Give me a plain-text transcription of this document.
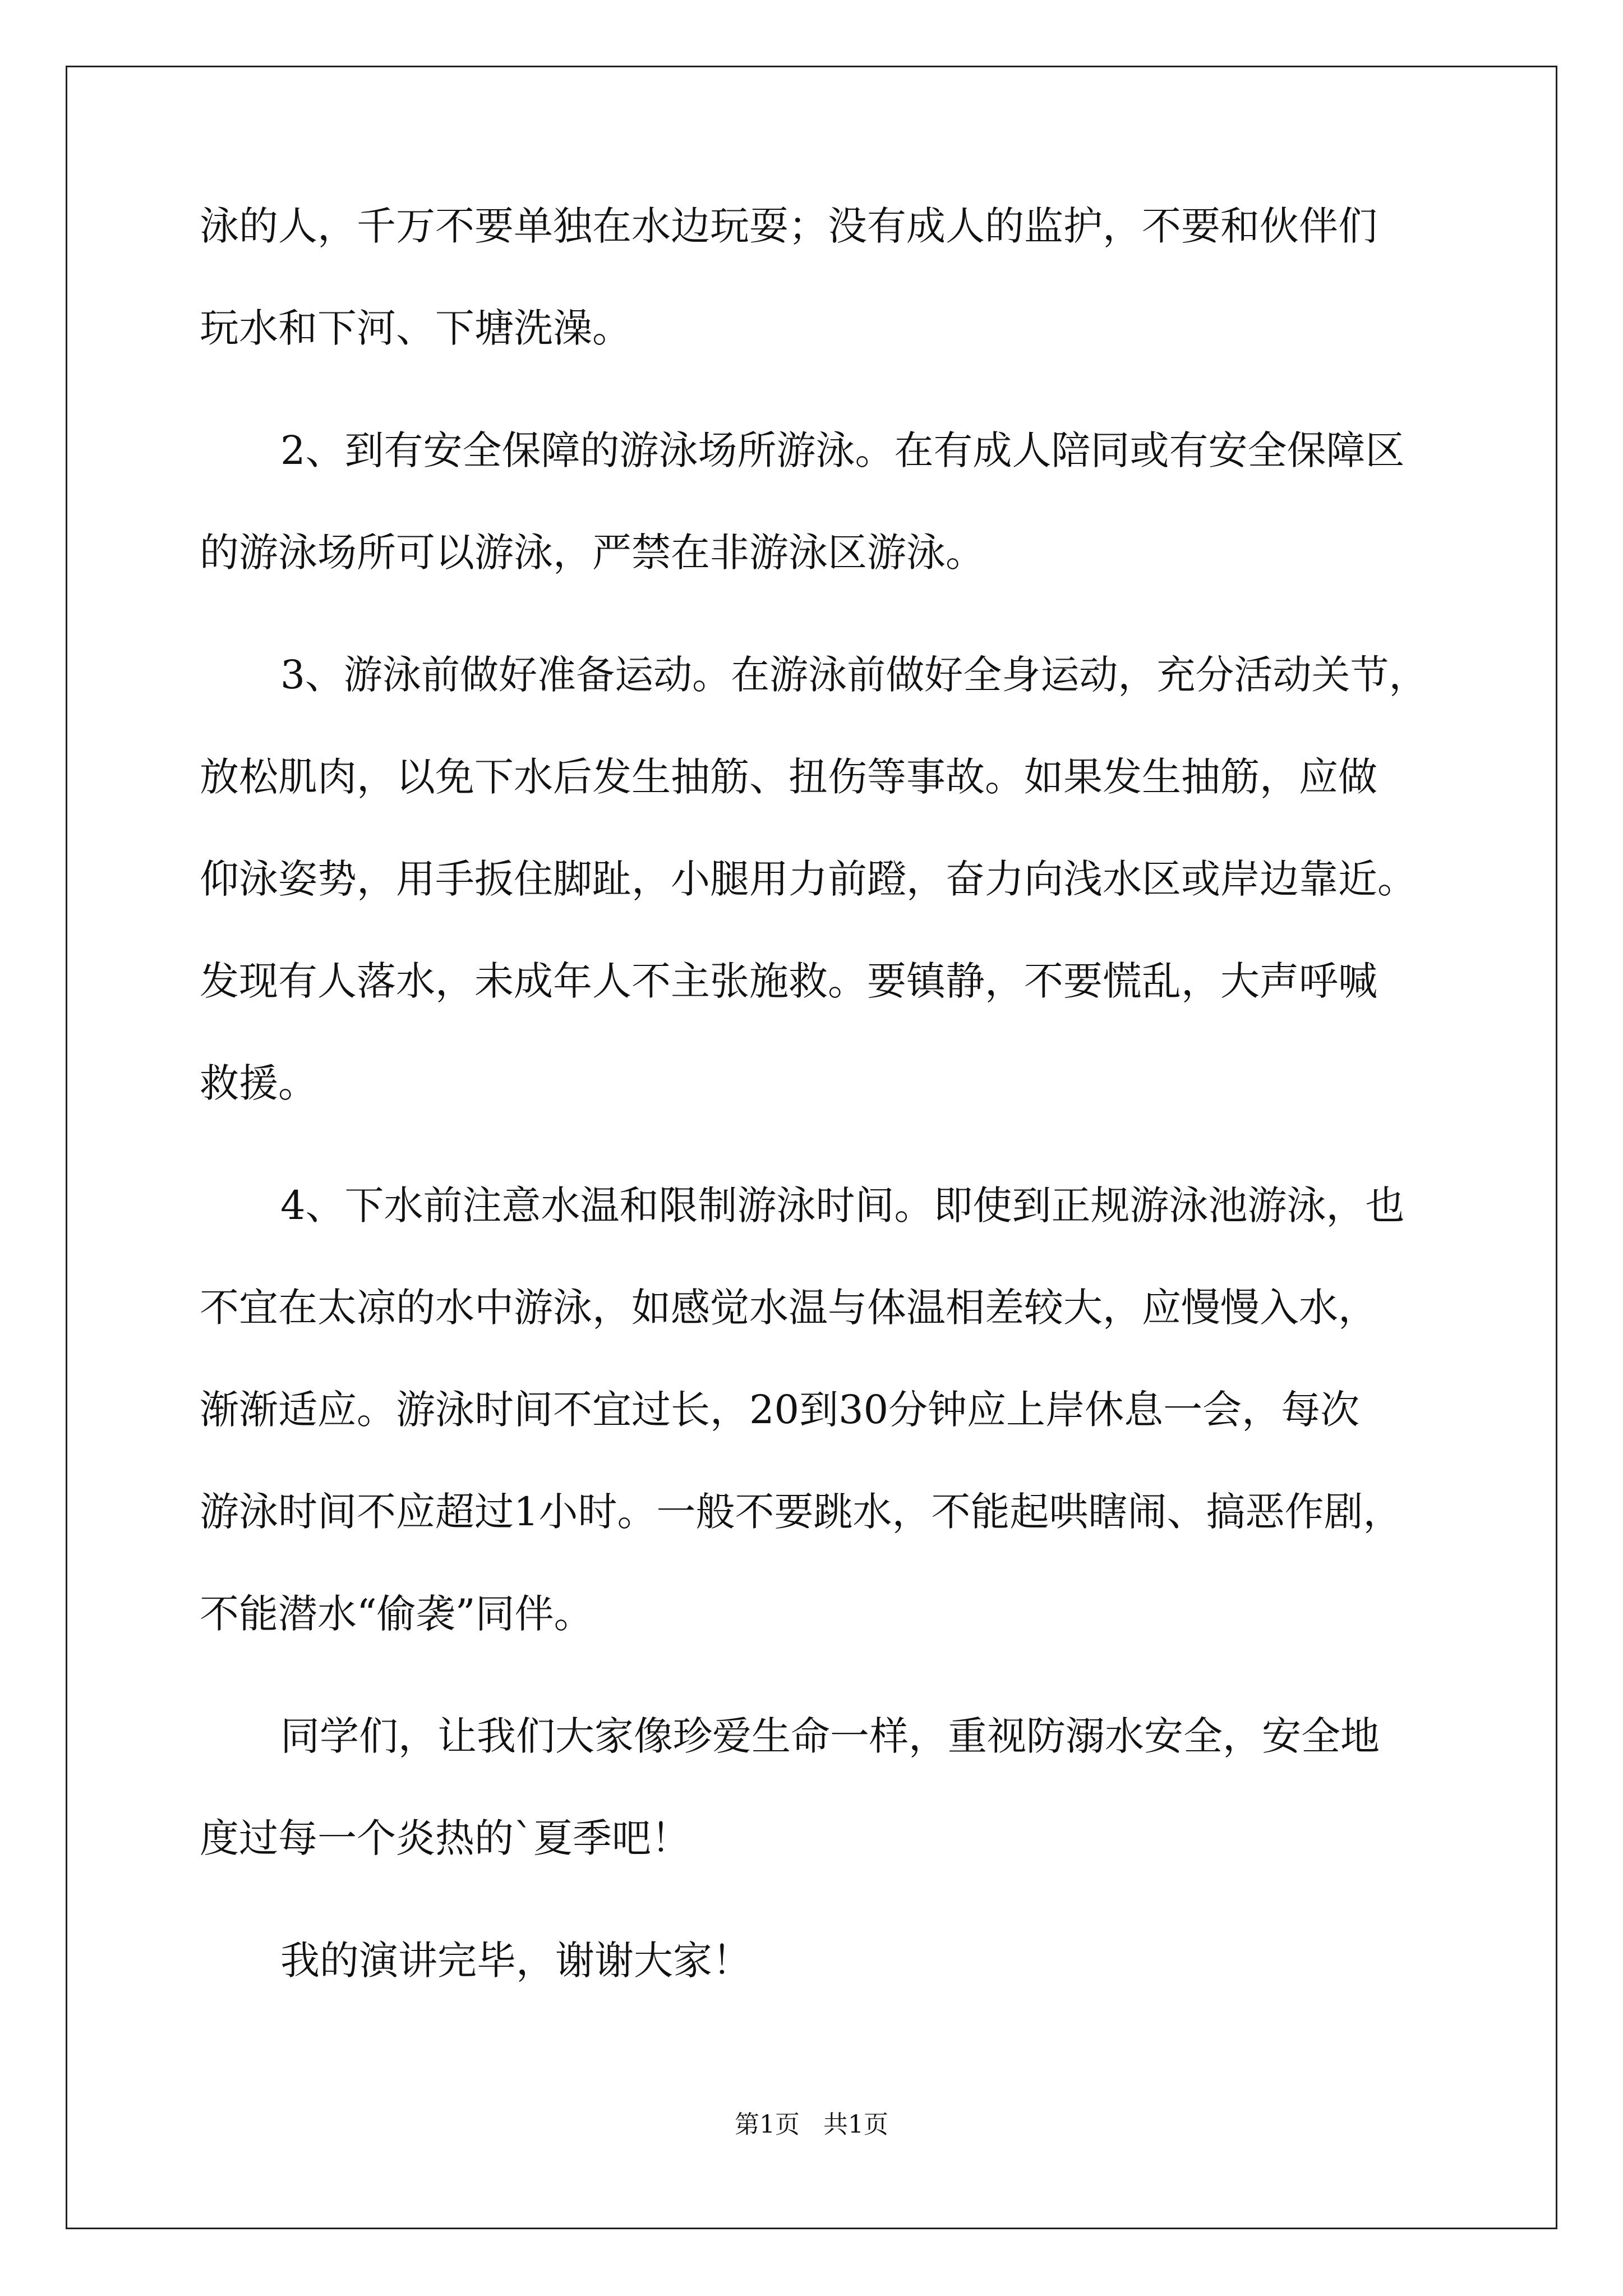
泳的人，千万不要单独在水边玩耍；没有成人的监护，不要和伙伴们
玩水和下河、下塘洗澡。
2、到有安全保障的游泳场所游泳。在有成人陪同或有安全保障区
的游泳场所可以游泳，严禁在非游泳区游泳。
3、游泳前做好准备运动。在游泳前做好全身运动，充分活动关节，
放松肌肉，以免下水后发生抽筋、扭伤等事故。如果发生抽筋，应做
仰泳姿势，用手扳住脚趾，小腿用力前蹬，奋力向浅水区或岸边靠近。
发现有人落水，未成年人不主张施救。要镇静，不要慌乱，大声呼喊
救援。
4、下水前注意水温和限制游泳时间。即使到正规游泳池游泳，也
不宜在太凉的水中游泳，如感觉水温与体温相差较大，应慢慢入水，
渐渐适应。游泳时间不宜过长，20到30分钟应上岸休息一会，每次
游泳时间不应超过1小时。一般不要跳水，不能起哄瞎闹、搞恶作剧，
不能潜水“偷袭”同伴。
同学们，让我们大家像珍爱生命一样，重视防溺水安全，安全地
度过每一个炎热的`夏季吧！
我的演讲完毕，谢谢大家！
第1页   共1页
